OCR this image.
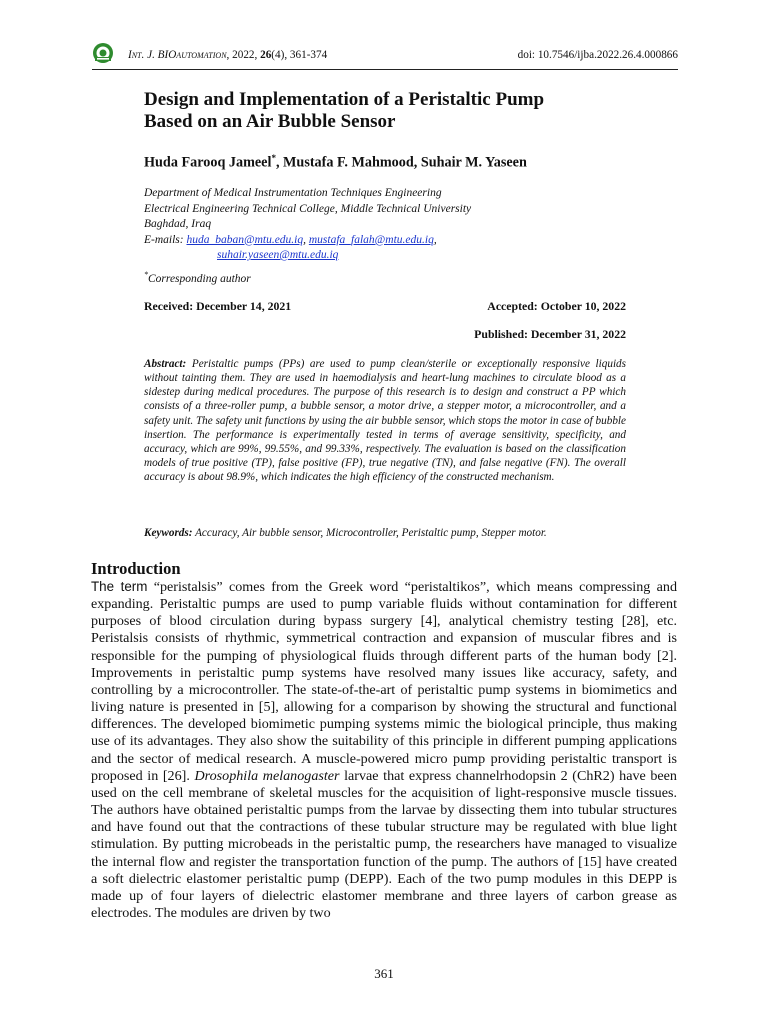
Int. J. BIOautomation, 2022, 26(4), 361-374	doi: 10.7546/ijba.2022.26.4.000866
Design and Implementation of a Peristaltic Pump
Based on an Air Bubble Sensor
Huda Farooq Jameel*, Mustafa F. Mahmood, Suhair M. Yaseen
Department of Medical Instrumentation Techniques Engineering
Electrical Engineering Technical College, Middle Technical University
Baghdad, Iraq
E-mails: huda_baban@mtu.edu.iq, mustafa_falah@mtu.edu.iq,
suhair.yaseen@mtu.edu.iq
*Corresponding author
Received: December 14, 2021	Accepted: October 10, 2022
Published: December 31, 2022
Abstract: Peristaltic pumps (PPs) are used to pump clean/sterile or exceptionally responsive liquids without tainting them. They are used in haemodialysis and heart-lung machines to circulate blood as a sidestep during medical procedures. The purpose of this research is to design and construct a PP which consists of a three-roller pump, a bubble sensor, a motor drive, a stepper motor, a microcontroller, and a safety unit. The safety unit functions by using the air bubble sensor, which stops the motor in case of bubble insertion. The performance is experimentally tested in terms of average sensitivity, specificity, and accuracy, which are 99%, 99.55%, and 99.33%, respectively. The evaluation is based on the classification models of true positive (TP), false positive (FP), true negative (TN), and false negative (FN). The overall accuracy is about 98.9%, which indicates the high efficiency of the constructed mechanism.
Keywords: Accuracy, Air bubble sensor, Microcontroller, Peristaltic pump, Stepper motor.
Introduction
The term “peristalsis” comes from the Greek word “peristaltikos”, which means compressing and expanding. Peristaltic pumps are used to pump variable fluids without contamination for different purposes of blood circulation during bypass surgery [4], analytical chemistry testing [28], etc. Peristalsis consists of rhythmic, symmetrical contraction and expansion of muscular fibres and is responsible for the pumping of physiological fluids through different parts of the human body [2]. Improvements in peristaltic pump systems have resolved many issues like accuracy, safety, and controlling by a microcontroller. The state-of-the-art of peristaltic pump systems in biomimetics and living nature is presented in [5], allowing for a comparison by showing the structural and functional differences. The developed biomimetic pumping systems mimic the biological principle, thus making use of its advantages. They also show the suitability of this principle in different pumping applications and the sector of medical research. A muscle-powered micro pump providing peristaltic transport is proposed in [26]. Drosophila melanogaster larvae that express channelrhodopsin 2 (ChR2) have been used on the cell membrane of skeletal muscles for the acquisition of light-responsive muscle tissues. The authors have obtained peristaltic pumps from the larvae by dissecting them into tubular structures and have found out that the contractions of these tubular structure may be regulated with blue light stimulation. By putting microbeads in the peristaltic pump, the researchers have managed to visualize the internal flow and register the transportation function of the pump. The authors of [15] have created a soft dielectric elastomer peristaltic pump (DEPP). Each of the two pump modules in this DEPP is made up of four layers of dielectric elastomer membrane and three layers of carbon grease as electrodes. The modules are driven by two
361
